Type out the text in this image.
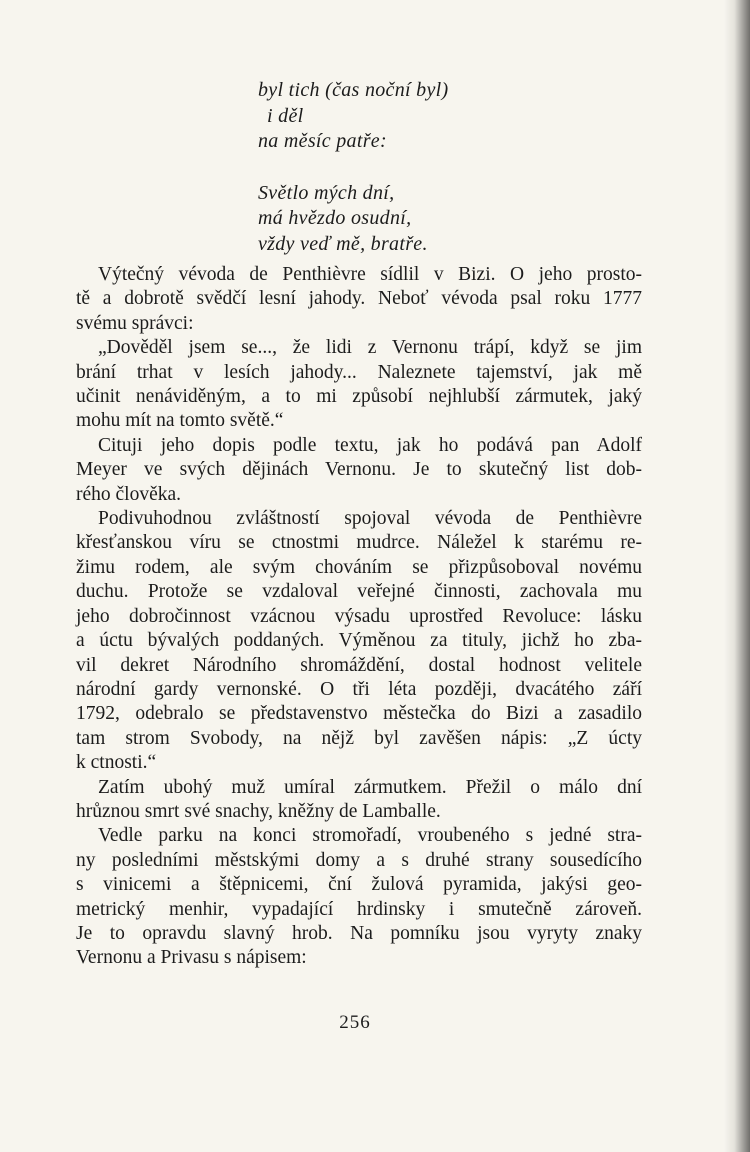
byl tich (čas noční byl)
i děl
na měsíc patře:

Světlo mých dní,
má hvězdo osudní,
vždy veď mě, bratře.

Výtečný vévoda de Penthièvre sídlil v Bizi. O jeho prosto-
tě a dobrotě svědčí lesní jahody. Neboť vévoda psal roku 1777
svému správci:

„Dověděl jsem se..., že lidi z Vernonu trápí, když se jim
brání trhat v lesích jahody... Naleznete tajemství, jak mě
učinit nenáviděným, a to mi způsobí nejhlubší zármutek, jaký
mohu mít na tomto světě.“

Cituji jeho dopis podle textu, jak ho podává pan Adolf
Meyer ve svých dějinách Vernonu. Je to skutečný list dob-
rého člověka.

Podivuhodnou zvláštností spojoval vévoda de Penthièvre
křesťanskou víru se ctnostmi mudrce. Náležel k starému re-
žimu rodem, ale svým chováním se přizpůsoboval novému
duchu. Protože se vzdaloval veřejné činnosti, zachovala mu
jeho dobročinnost vzácnou výsadu uprostřed Revoluce: lásku
a úctu bývalých poddaných. Výměnou za tituly, jichž ho zba-
vil dekret Národního shromáždění, dostal hodnost velitele
národní gardy vernonské. O tři léta později, dvacátého září
1792, odebralo se představenstvo městečka do Bizi a zasadilo
tam strom Svobody, na nějž byl zavěšen nápis: „Z úcty
k ctnosti.“

Zatím ubohý muž umíral zármutkem. Přežil o málo dní
hrůznou smrt své snachy, kněžny de Lamballe.

Vedle parku na konci stromořadí, vroubeného s jedné stra-
ny posledními městskými domy a s druhé strany sousedícího
s vinicemi a štěpnicemi, ční žulová pyramida, jakýsi geo-
metrický menhir, vypadající hrdinsky i smutečně zároveň.
Je to opravdu slavný hrob. Na pomníku jsou vyryty znaky
Vernonu a Privasu s nápisem:

256
